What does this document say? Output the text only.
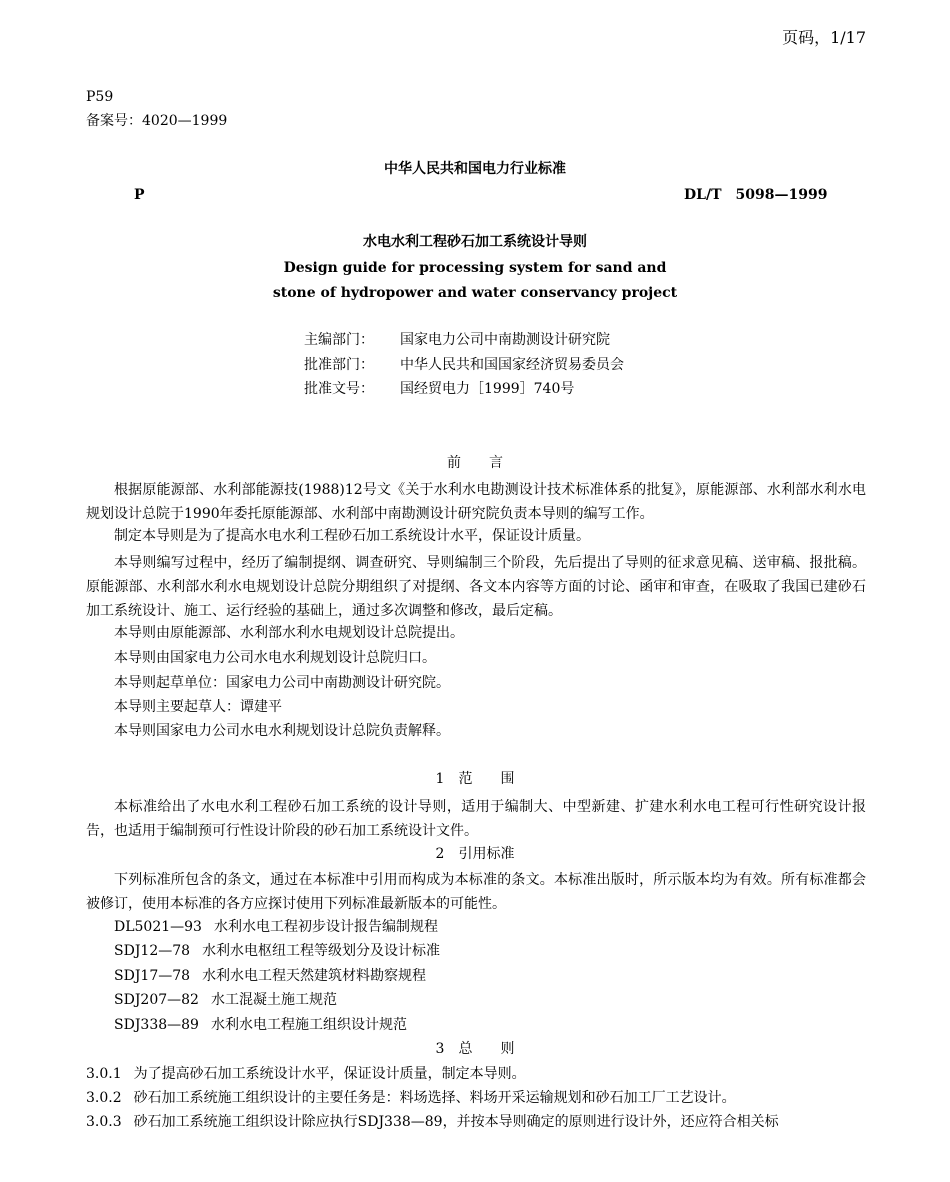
页码，1/17
P59
备案号：4020—1999
中华人民共和国电力行业标准
P	DL/T　5098—1999
水电水利工程砂石加工系统设计导则
Design guide for processing system for sand and
stone of hydropower and water conservancy project
主编部门： 国家电力公司中南勘测设计研究院
批准部门： 中华人民共和国国家经济贸易委员会
批准文号： 国经贸电力［1999］740号
前　　言
根据原能源部、水利部能源技(1988)12号文《关于水利水电勘测设计技术标准体系的批复》，原能源部、水利部水利水电规划设计总院于1990年委托原能源部、水利部中南勘测设计研究院负责本导则的编写工作。
制定本导则是为了提高水电水利工程砂石加工系统设计水平，保证设计质量。
本导则编写过程中，经历了编制提纲、调查研究、导则编制三个阶段，先后提出了导则的征求意见稿、送审稿、报批稿。原能源部、水利部水利水电规划设计总院分期组织了对提纲、各文本内容等方面的讨论、函审和审查，在吸取了我国已建砂石加工系统设计、施工、运行经验的基础上，通过多次调整和修改，最后定稿。
本导则由原能源部、水利部水利水电规划设计总院提出。
本导则由国家电力公司水电水利规划设计总院归口。
本导则起草单位：国家电力公司中南勘测设计研究院。
本导则主要起草人：谭建平
本导则国家电力公司水电水利规划设计总院负责解释。
1　范　　围
本标准给出了水电水利工程砂石加工系统的设计导则，适用于编制大、中型新建、扩建水利水电工程可行性研究设计报告，也适用于编制预可行性设计阶段的砂石加工系统设计文件。
2　引用标准
下列标准所包含的条文，通过在本标准中引用而构成为本标准的条文。本标准出版时，所示版本均为有效。所有标准都会被修订，使用本标准的各方应探讨使用下列标准最新版本的可能性。
DL5021—93 水利水电工程初步设计报告编制规程
SDJ12—78 水利水电枢纽工程等级划分及设计标准
SDJ17—78 水利水电工程天然建筑材料勘察规程
SDJ207—82 水工混凝土施工规范
SDJ338—89 水利水电工程施工组织设计规范
3　总　　则
3.0.1 为了提高砂石加工系统设计水平，保证设计质量，制定本导则。
3.0.2 砂石加工系统施工组织设计的主要任务是：料场选择、料场开采运输规划和砂石加工厂工艺设计。
3.0.3 砂石加工系统施工组织设计除应执行SDJ338—89，并按本导则确定的原则进行设计外，还应符合相关标
